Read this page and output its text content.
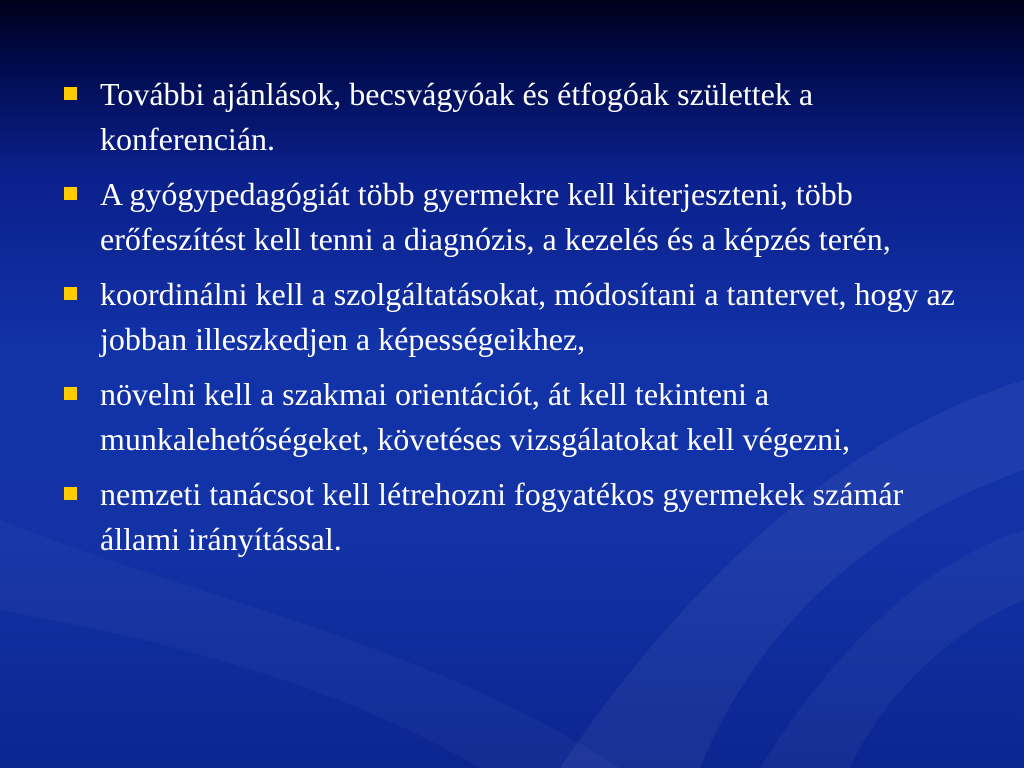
További ajánlások, becsvágyóak és étfogóak születtek a konferencián.
A gyógypedagógiát több gyermekre kell kiterjeszteni, több erőfeszítést kell tenni a diagnózis, a kezelés és a képzés terén,
koordinálni kell a szolgáltatásokat, módosítani a tantervet, hogy az jobban illeszkedjen a képességeikhez,
növelni kell a szakmai orientációt, át kell tekinteni a munkalehetőségeket, követéses vizsgálatokat kell végezni,
nemzeti tanácsot kell létrehozni fogyatékos gyermekek számár állami irányítással.
